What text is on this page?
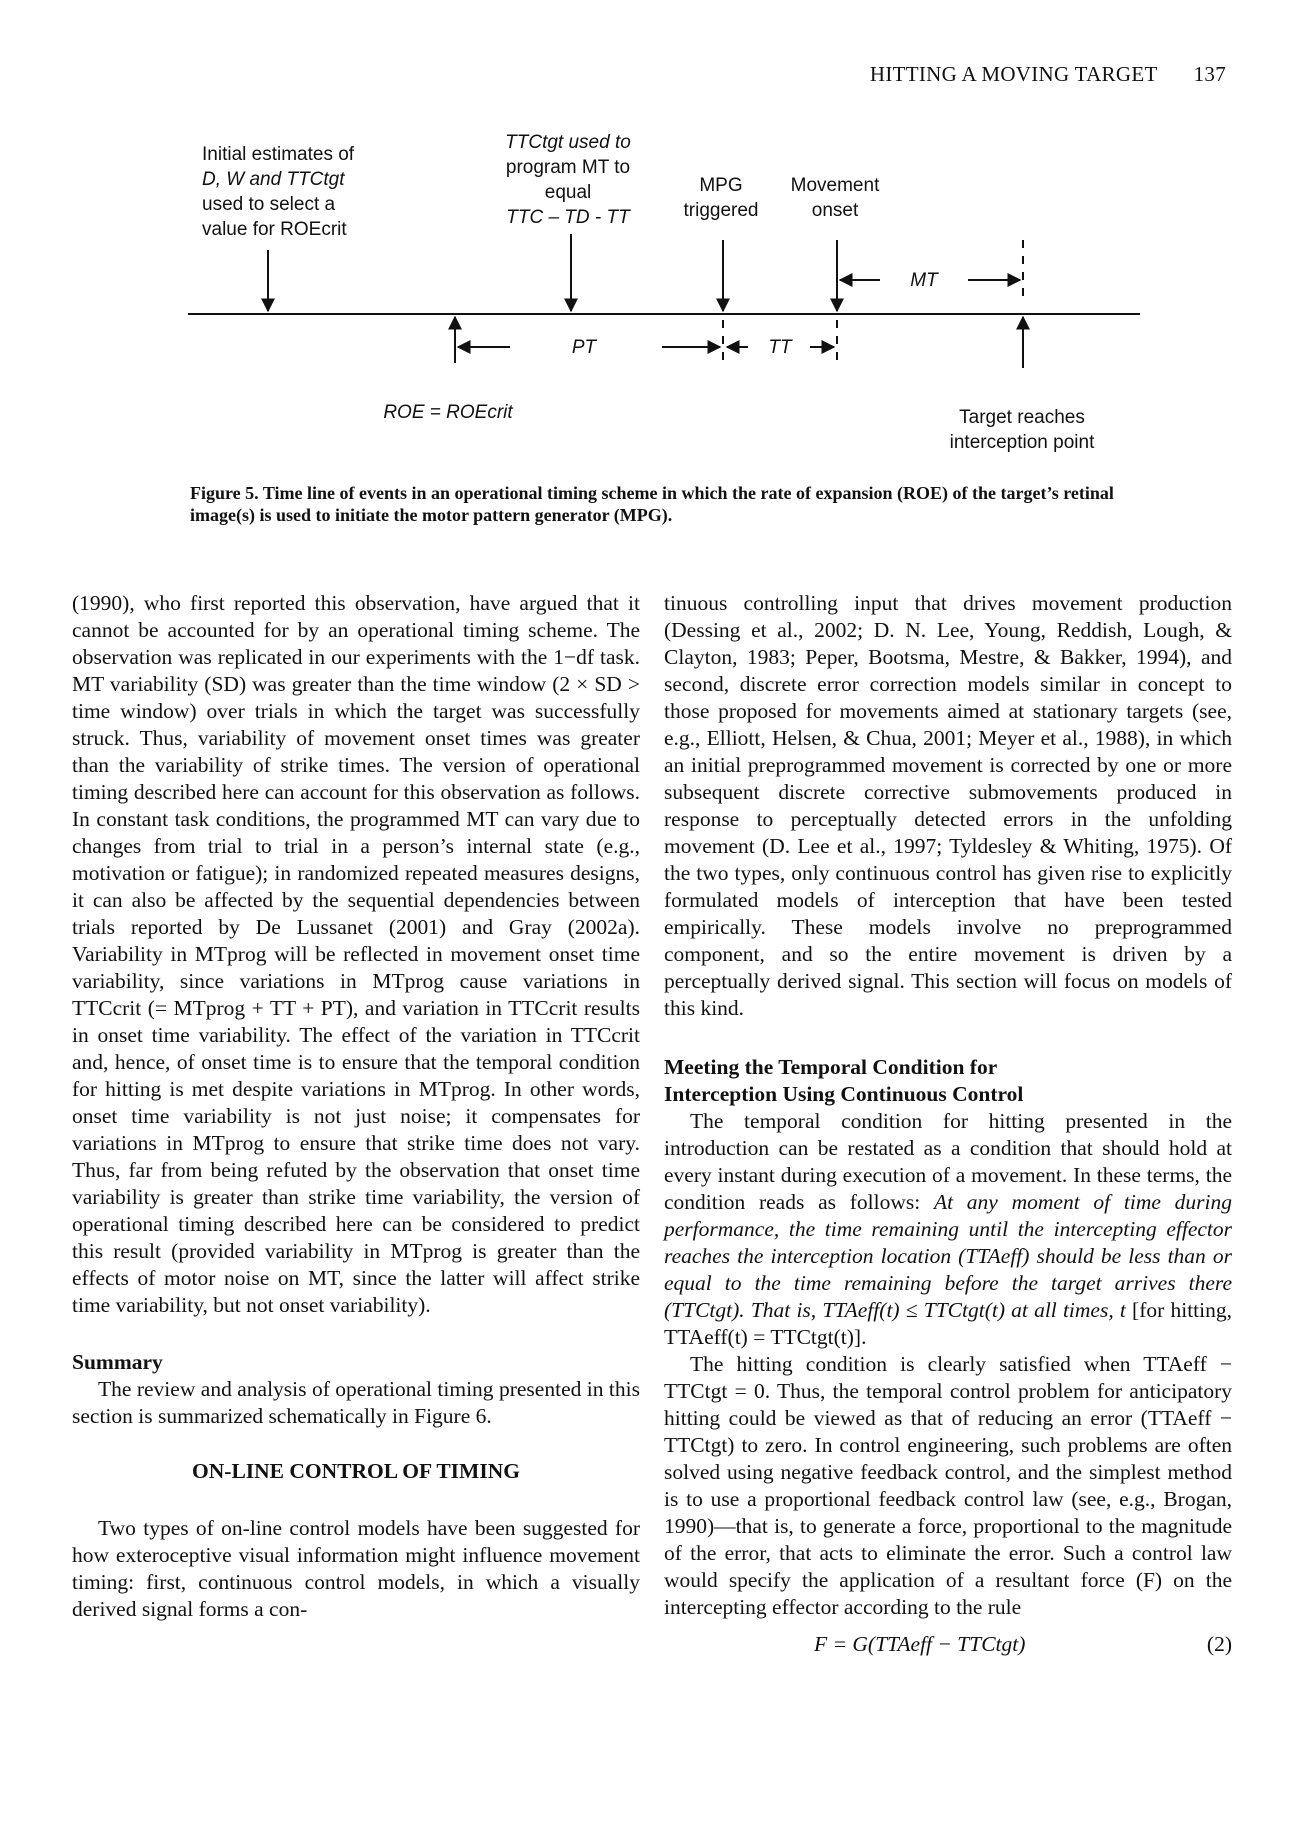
HITTING A MOVING TARGET 137
Initial estimates of
D, W and TTCtgt
used to select a
value for ROEcrit
TTCtgt used to
program MT to
equal
TTC – TD - TT
MPG
triggered
Movement
onset
MT
PT	TT
ROE = ROEcrit	Target reaches
interception point
Figure 5. Time line of events in an operational timing scheme in which the rate of expansion (ROE) of the target’s retinal image(s) is used to initiate the motor pattern generator (MPG).

(1990), who first reported this observation, have argued that it cannot be accounted for by an operational timing scheme. The observation was replicated in our experiments with the 1−df task. MT variability (SD) was greater than the time window (2 × SD > time window) over trials in which the target was successfully struck. Thus, variability of movement onset times was greater than the variability of strike times. The version of operational timing described here can account for this observation as follows. In constant task conditions, the programmed MT can vary due to changes from trial to trial in a person’s internal state (e.g., motivation or fatigue); in randomized repeated measures designs, it can also be affected by the sequential dependencies between trials reported by De Lussanet (2001) and Gray (2002a). Variability in MTprog will be reflected in movement onset time variability, since variations in MTprog cause variations in TTCcrit (= MTprog + TT + PT), and variation in TTCcrit results in onset time variability. The effect of the variation in TTCcrit and, hence, of onset time is to ensure that the temporal condition for hitting is met despite variations in MTprog. In other words, onset time variability is not just noise; it compensates for variations in MTprog to ensure that strike time does not vary. Thus, far from being refuted by the observation that onset time variability is greater than strike time variability, the version of operational timing described here can be considered to predict this result (provided variability in MTprog is greater than the effects of motor noise on MT, since the latter will affect strike time variability, but not onset variability).

Summary

The review and analysis of operational timing presented in this section is summarized schematically in Figure 6.

ON-LINE CONTROL OF TIMING

Two types of on-line control models have been suggested for how exteroceptive visual information might influence movement timing: first, continuous control models, in which a visually derived signal forms a con-

tinuous controlling input that drives movement production (Dessing et al., 2002; D. N. Lee, Young, Reddish, Lough, & Clayton, 1983; Peper, Bootsma, Mestre, & Bakker, 1994), and second, discrete error correction models similar in concept to those proposed for movements aimed at stationary targets (see, e.g., Elliott, Helsen, & Chua, 2001; Meyer et al., 1988), in which an initial preprogrammed movement is corrected by one or more subsequent discrete corrective submovements produced in response to perceptually detected errors in the unfolding movement (D. Lee et al., 1997; Tyldesley & Whiting, 1975). Of the two types, only continuous control has given rise to explicitly formulated models of interception that have been tested empirically. These models involve no preprogrammed component, and so the entire movement is driven by a perceptually derived signal. This section will focus on models of this kind.

Meeting the Temporal Condition for
Interception Using Continuous Control

The temporal condition for hitting presented in the introduction can be restated as a condition that should hold at every instant during execution of a movement. In these terms, the condition reads as follows: At any moment of time during performance, the time remaining until the intercepting effector reaches the interception location (TTAeff) should be less than or equal to the time remaining before the target arrives there (TTCtgt). That is, TTAeff(t) ≤ TTCtgt(t) at all times, t [for hitting, TTAeff(t) = TTCtgt(t)].

The hitting condition is clearly satisfied when TTAeff − TTCtgt = 0. Thus, the temporal control problem for anticipatory hitting could be viewed as that of reducing an error (TTAeff − TTCtgt) to zero. In control engineering, such problems are often solved using negative feedback control, and the simplest method is to use a proportional feedback control law (see, e.g., Brogan, 1990)—that is, to generate a force, proportional to the magnitude of the error, that acts to eliminate the error. Such a control law would specify the application of a resultant force (F) on the intercepting effector according to the rule

F = G(TTAeff − TTCtgt)	(2)
